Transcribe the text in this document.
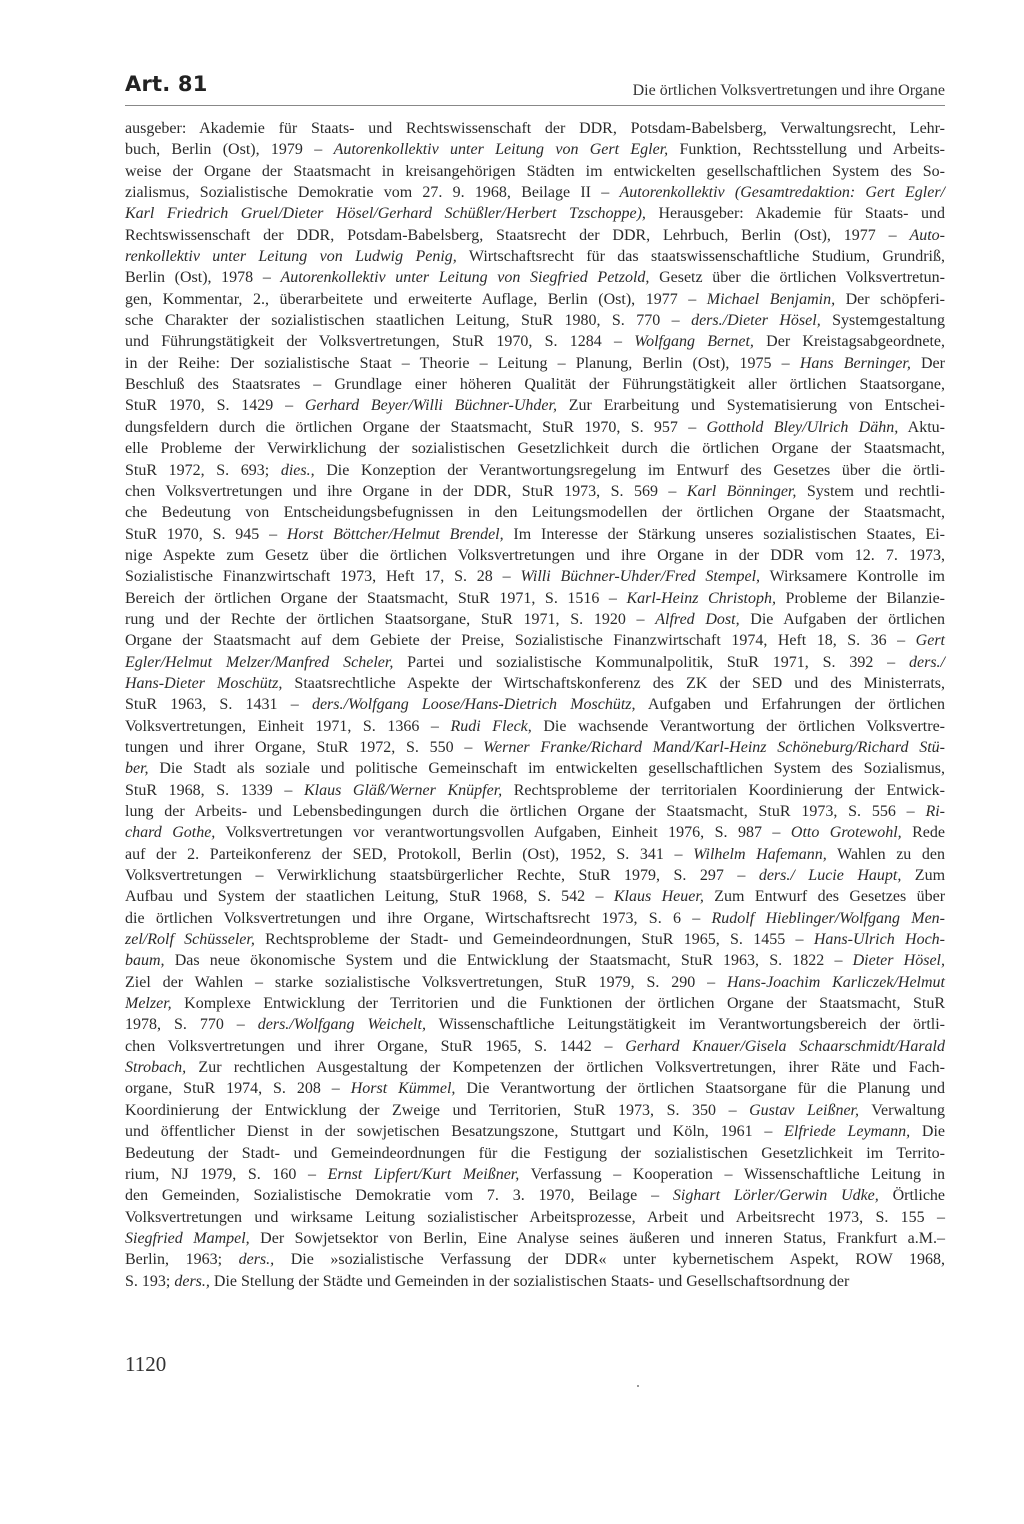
Art. 81	Die örtlichen Volksvertretungen und ihre Organe
ausgeber: Akademie für Staats- und Rechtswissenschaft der DDR, Potsdam-Babelsberg, Verwaltungsrecht, Lehr-
buch, Berlin (Ost), 1979 – Autorenkollektiv unter Leitung von Gert Egler, Funktion, Rechtsstellung und Arbeits-
weise der Organe der Staatsmacht in kreisangehörigen Städten im entwickelten gesellschaftlichen System des So-
zialismus, Sozialistische Demokratie vom 27. 9. 1968, Beilage II – Autorenkollektiv (Gesamtredaktion: Gert Egler/
Karl Friedrich Gruel/Dieter Hösel/Gerhard Schüßler/Herbert Tzschoppe), Herausgeber: Akademie für Staats- und
Rechtswissenschaft der DDR, Potsdam-Babelsberg, Staatsrecht der DDR, Lehrbuch, Berlin (Ost), 1977 – Auto-
renkollektiv unter Leitung von Ludwig Penig, Wirtschaftsrecht für das staatswissenschaftliche Studium, Grundriß,
Berlin (Ost), 1978 – Autorenkollektiv unter Leitung von Siegfried Petzold, Gesetz über die örtlichen Volksvertretun-
gen, Kommentar, 2., überarbeitete und erweiterte Auflage, Berlin (Ost), 1977 – Michael Benjamin, Der schöpferi-
sche Charakter der sozialistischen staatlichen Leitung, StuR 1980, S. 770 – ders./Dieter Hösel, Systemgestaltung
und Führungstätigkeit der Volksvertretungen, StuR 1970, S. 1284 – Wolfgang Bernet, Der Kreistagsabgeordnete,
in der Reihe: Der sozialistische Staat – Theorie – Leitung – Planung, Berlin (Ost), 1975 – Hans Berninger, Der
Beschluß des Staatsrates – Grundlage einer höheren Qualität der Führungstätigkeit aller örtlichen Staatsorgane,
StuR 1970, S. 1429 – Gerhard Beyer/Willi Büchner-Uhder, Zur Erarbeitung und Systematisierung von Entschei-
dungsfeldern durch die örtlichen Organe der Staatsmacht, StuR 1970, S. 957 – Gotthold Bley/Ulrich Dähn, Aktu-
elle Probleme der Verwirklichung der sozialistischen Gesetzlichkeit durch die örtlichen Organe der Staatsmacht,
StuR 1972, S. 693; dies., Die Konzeption der Verantwortungsregelung im Entwurf des Gesetzes über die örtli-
chen Volksvertretungen und ihre Organe in der DDR, StuR 1973, S. 569 – Karl Bönninger, System und rechtli-
che Bedeutung von Entscheidungsbefugnissen in den Leitungsmodellen der örtlichen Organe der Staatsmacht,
StuR 1970, S. 945 – Horst Böttcher/Helmut Brendel, Im Interesse der Stärkung unseres sozialistischen Staates, Ei-
nige Aspekte zum Gesetz über die örtlichen Volksvertretungen und ihre Organe in der DDR vom 12. 7. 1973,
Sozialistische Finanzwirtschaft 1973, Heft 17, S. 28 – Willi Büchner-Uhder/Fred Stempel, Wirksamere Kontrolle im
Bereich der örtlichen Organe der Staatsmacht, StuR 1971, S. 1516 – Karl-Heinz Christoph, Probleme der Bilanzie-
rung und der Rechte der örtlichen Staatsorgane, StuR 1971, S. 1920 – Alfred Dost, Die Aufgaben der örtlichen
Organe der Staatsmacht auf dem Gebiete der Preise, Sozialistische Finanzwirtschaft 1974, Heft 18, S. 36 – Gert
Egler/Helmut Melzer/Manfred Scheler, Partei und sozialistische Kommunalpolitik, StuR 1971, S. 392 – ders./
Hans-Dieter Moschütz, Staatsrechtliche Aspekte der Wirtschaftskonferenz des ZK der SED und des Ministerrats,
StuR 1963, S. 1431 – ders./Wolfgang Loose/Hans-Dietrich Moschütz, Aufgaben und Erfahrungen der örtlichen
Volksvertretungen, Einheit 1971, S. 1366 – Rudi Fleck, Die wachsende Verantwortung der örtlichen Volksvertre-
tungen und ihrer Organe, StuR 1972, S. 550 – Werner Franke/Richard Mand/Karl-Heinz Schöneburg/Richard Stü-
ber, Die Stadt als soziale und politische Gemeinschaft im entwickelten gesellschaftlichen System des Sozialismus,
StuR 1968, S. 1339 – Klaus Gläß/Werner Knüpfer, Rechtsprobleme der territorialen Koordinierung der Entwick-
lung der Arbeits- und Lebensbedingungen durch die örtlichen Organe der Staatsmacht, StuR 1973, S. 556 – Ri-
chard Gothe, Volksvertretungen vor verantwortungsvollen Aufgaben, Einheit 1976, S. 987 – Otto Grotewohl, Rede
auf der 2. Parteikonferenz der SED, Protokoll, Berlin (Ost), 1952, S. 341 – Wilhelm Hafemann, Wahlen zu den
Volksvertretungen – Verwirklichung staatsbürgerlicher Rechte, StuR 1979, S. 297 – ders./ Lucie Haupt, Zum
Aufbau und System der staatlichen Leitung, StuR 1968, S. 542 – Klaus Heuer, Zum Entwurf des Gesetzes über
die örtlichen Volksvertretungen und ihre Organe, Wirtschaftsrecht 1973, S. 6 – Rudolf Hieblinger/Wolfgang Men-
zel/Rolf Schüsseler, Rechtsprobleme der Stadt- und Gemeindeordnungen, StuR 1965, S. 1455 – Hans-Ulrich Hoch-
baum, Das neue ökonomische System und die Entwicklung der Staatsmacht, StuR 1963, S. 1822 – Dieter Hösel,
Ziel der Wahlen – starke sozialistische Volksvertretungen, StuR 1979, S. 290 – Hans-Joachim Karliczek/Helmut
Melzer, Komplexe Entwicklung der Territorien und die Funktionen der örtlichen Organe der Staatsmacht, StuR
1978, S. 770 – ders./Wolfgang Weichelt, Wissenschaftliche Leitungstätigkeit im Verantwortungsbereich der örtli-
chen Volksvertretungen und ihrer Organe, StuR 1965, S. 1442 – Gerhard Knauer/Gisela Schaarschmidt/Harald
Strobach, Zur rechtlichen Ausgestaltung der Kompetenzen der örtlichen Volksvertretungen, ihrer Räte und Fach-
organe, StuR 1974, S. 208 – Horst Kümmel, Die Verantwortung der örtlichen Staatsorgane für die Planung und
Koordinierung der Entwicklung der Zweige und Territorien, StuR 1973, S. 350 – Gustav Leißner, Verwaltung
und öffentlicher Dienst in der sowjetischen Besatzungszone, Stuttgart und Köln, 1961 – Elfriede Leymann, Die
Bedeutung der Stadt- und Gemeindeordnungen für die Festigung der sozialistischen Gesetzlichkeit im Territo-
rium, NJ 1979, S. 160 – Ernst Lipfert/Kurt Meißner, Verfassung – Kooperation – Wissenschaftliche Leitung in
den Gemeinden, Sozialistische Demokratie vom 7. 3. 1970, Beilage – Sighart Lörler/Gerwin Udke, Örtliche
Volksvertretungen und wirksame Leitung sozialistischer Arbeitsprozesse, Arbeit und Arbeitsrecht 1973, S. 155 –
Siegfried Mampel, Der Sowjetsektor von Berlin, Eine Analyse seines äußeren und inneren Status, Frankfurt a.M.–
Berlin, 1963; ders., Die »sozialistische Verfassung der DDR« unter kybernetischem Aspekt, ROW 1968,
S. 193; ders., Die Stellung der Städte und Gemeinden in der sozialistischen Staats- und Gesellschaftsordnung der
1120
